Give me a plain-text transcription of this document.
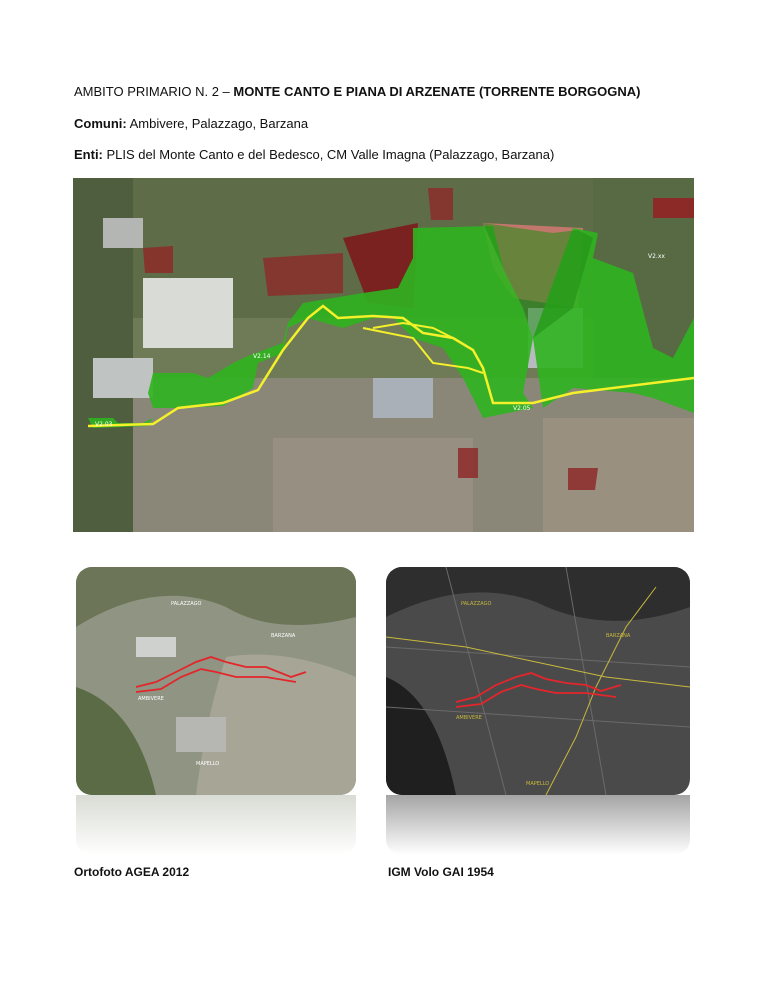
AMBITO PRIMARIO N. 2 – MONTE CANTO E PIANA DI ARZENATE (TORRENTE BORGOGNA)
Comuni: Ambivere, Palazzago, Barzana
Enti: PLIS del Monte Canto e del Bedesco, CM Valle Imagna (Palazzago, Barzana)
V2.03
V2.14
V2.05
V2.xx
PALAZZAGO
BARZANA
AMBIVERE
MAPELLO
PALAZZAGO
BARZANA
AMBIVERE
MAPELLO
Ortofoto AGEA 2012	IGM Volo GAI 1954
